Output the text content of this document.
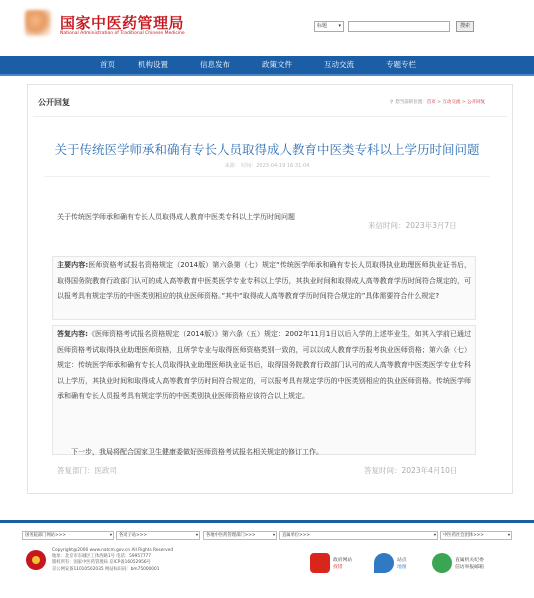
国家中医药管理局
National Administration of Traditional Chinese Medicine
标题 ▾	搜索
首页	机构设置	信息发布	政策文件	互动交流	专题专栏
公开回复	⚲ 您当前的位置：首页 > 互动交流 > 公开回复
关于传统医学师承和确有专长人员取得成人教育中医类专科以上学历时间问题
来源： 时间：2023-04-19 16:31:04
关于传统医学师承和确有专长人员取得成人教育中医类专科以上学历时间问题
来信时间：2023年3月7日
主要内容:医师资格考试报名资格规定（2014版）第六条第（七）规定“传统医学师承和确有专长人员取得执业助理医师执业证书后，取得国务院教育行政部门认可的成人高等教育中医类医学专业专科以上学历，其执业时间和取得成人高等教育学历时间符合规定的，可以报考具有规定学历的中医类别相应的执业医师资格。”其中“取得成人高等教育学历时间符合规定的”具体需要符合什么规定?
答复内容:《医师资格考试报名资格规定（2014版）》第六条（五）规定：2002年11月1日以后入学的上述毕业生，如其入学前已通过医师资格考试取得执业助理医师资格，且所学专业与取得医师资格类别一致的，可以以成人教育学历报考执业医师资格；第六条（七）规定：传统医学师承和确有专长人员取得执业助理医师执业证书后，取得国务院教育行政部门认可的成人高等教育中医类医学专业专科以上学历，其执业时间和取得成人高等教育学历时间符合规定的，可以报考具有规定学历的中医类别相应的执业医师资格。传统医学师承和确有专长人员报考具有规定学历的中医类别执业医师资格应该符合以上规定。
下一步，我局将配合国家卫生健康委做好医师资格考试报名相关规定的修订工作。
答复部门：医政司	答复时间：2023年4月10日
国务院部门网站>>>	▾	各司子站>>>	▾	各地中医药管理部门>>>	▾	直属单位>>>	▾	中医药社会团体>>>	▾
Copyright@2006 www.natcm.gov.cn All Rights Reserved
地址：北京市东城区工体西路1号 电话：59957777
版权所有：国家中医药管理局 京ICP备16052956号
京公网安备11010502035 网站标识码：bm75000001
政府网站
找错
站点
地图
直属机关纪委
信访举报邮箱
